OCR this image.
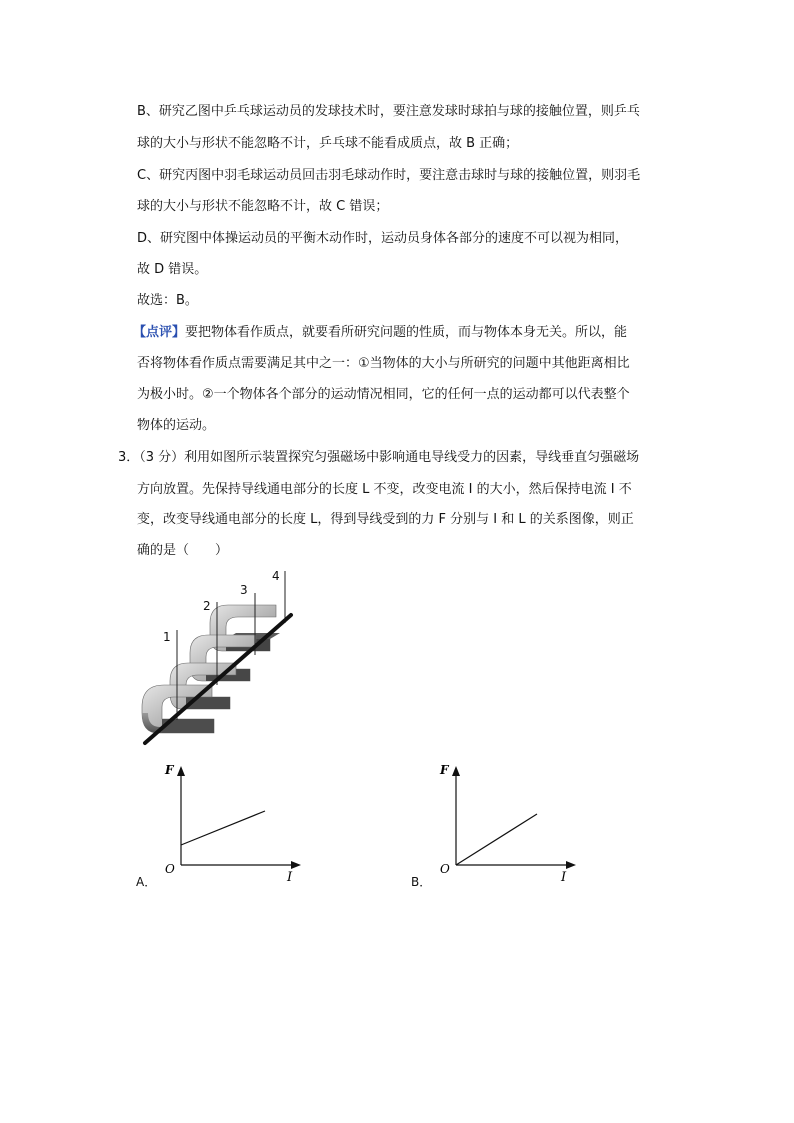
B、研究乙图中乒乓球运动员的发球技术时，要注意发球时球拍与球的接触位置，则乒乓
球的大小与形状不能忽略不计，乒乓球不能看成质点，故 B 正确；
C、研究丙图中羽毛球运动员回击羽毛球动作时，要注意击球时与球的接触位置，则羽毛
球的大小与形状不能忽略不计，故 C 错误；
D、研究图中体操运动员的平衡木动作时，运动员身体各部分的速度不可以视为相同，
故 D 错误。
故选：B。
【点评】要把物体看作质点，就要看所研究问题的性质，而与物体本身无关。所以，能
否将物体看作质点需要满足其中之一：①当物体的大小与所研究的问题中其他距离相比
为极小时。②一个物体各个部分的运动情况相同，它的任何一点的运动都可以代表整个
物体的运动。
3．（3 分）利用如图所示装置探究匀强磁场中影响通电导线受力的因素，导线垂直匀强磁场
方向放置。先保持导线通电部分的长度 L 不变，改变电流 I 的大小，然后保持电流 I 不
变，改变导线通电部分的长度 L，得到导线受到的力 F 分别与 I 和 L 的关系图像，则正
确的是（　　）
1
2
3
4
F
I
O
A．
F
I
O
B．
